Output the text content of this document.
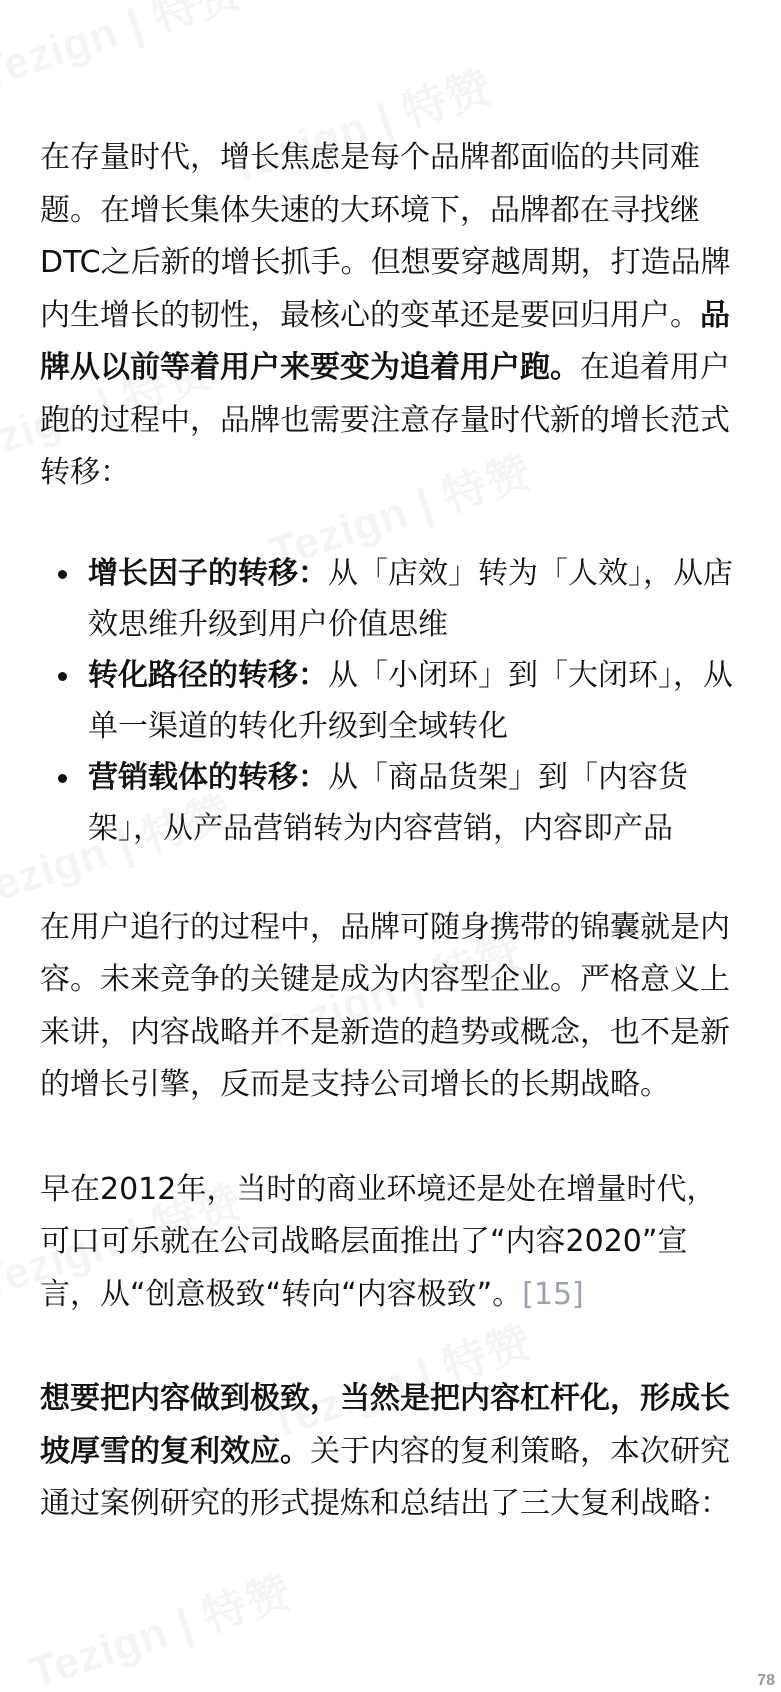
在存量时代，增长焦虑是每个品牌都面临的共同难题。在增长集体失速的大环境下，品牌都在寻找继DTC之后新的增长抓手。但想要穿越周期，打造品牌内生增长的韧性，最核心的变革还是要回归用户。品牌从以前等着用户来要变为追着用户跑。在追着用户跑的过程中，品牌也需要注意存量时代新的增长范式转移：

增长因子的转移：从「店效」转为「人效」，从店效思维升级到用户价值思维
转化路径的转移：从「小闭环」到「大闭环」，从单一渠道的转化升级到全域转化
营销载体的转移：从「商品货架」到「内容货架」，从产品营销转为内容营销，内容即产品

在用户追行的过程中，品牌可随身携带的锦囊就是内容。未来竞争的关键是成为内容型企业。严格意义上来讲，内容战略并不是新造的趋势或概念，也不是新的增长引擎，反而是支持公司增长的长期战略。

早在2012年，当时的商业环境还是处在增量时代，可口可乐就在公司战略层面推出了“内容2020”宣言，从“创意极致“转向“内容极致”。[15]

想要把内容做到极致，当然是把内容杠杆化，形成长坡厚雪的复利效应。关于内容的复利策略，本次研究通过案例研究的形式提炼和总结出了三大复利战略：

78
